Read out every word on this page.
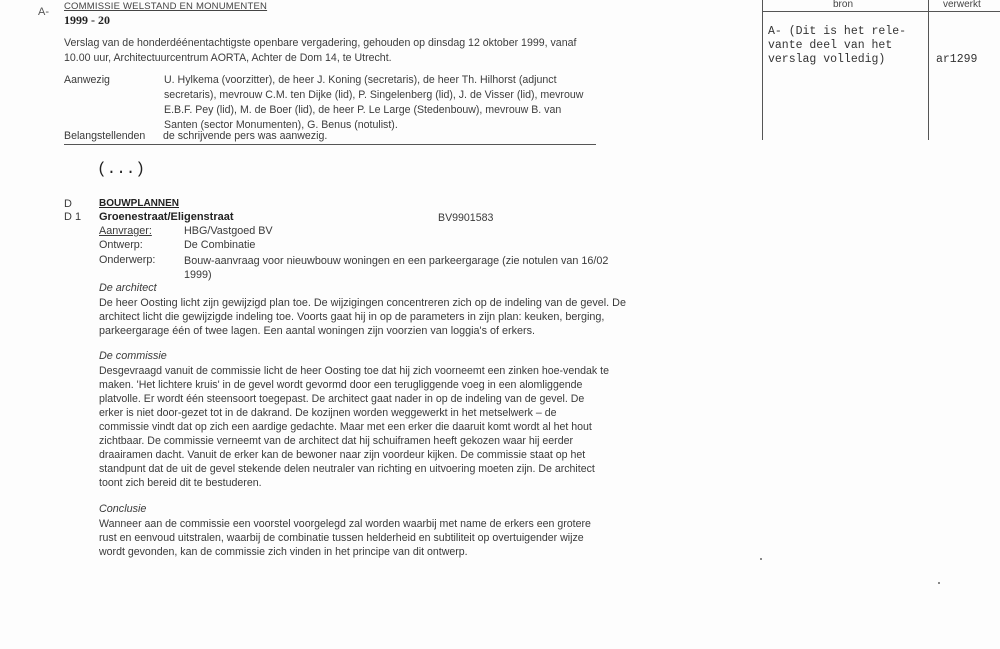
A- COMMISSIE WELSTAND EN MONUMENTEN
1999 - 20
Verslag van de honderdéénentachtigste openbare vergadering, gehouden op dinsdag 12 oktober 1999, vanaf 10.00 uur, Architectuurcentrum AORTA, Achter de Dom 14, te Utrecht.
Aanwezig	U. Hylkema (voorzitter), de heer J. Koning (secretaris), de heer Th. Hilhorst (adjunct secretaris), mevrouw C.M. ten Dijke (lid), P. Singelenberg (lid), J. de Visser (lid), mevrouw E.B.F. Pey (lid), M. de Boer (lid), de heer P. Le Large (Stedenbouw), mevrouw B. van Santen (sector Monumenten), G. Benus (notulist).
Belangstellenden de schrijvende pers was aanwezig.
(...)
D	BOUWPLANNEN
D 1 Groenestraat/Eligenstraat	BV9901583
Aanvrager:	HBG/Vastgoed BV
Ontwerp:	De Combinatie
Onderwerp:	Bouw-aanvraag voor nieuwbouw woningen en een parkeergarage (zie notulen van 16/02 1999)
De architect
De heer Oosting licht zijn gewijzigd plan toe. De wijzigingen concentreren zich op de indeling van de gevel. De architect licht die gewijzigde indeling toe. Voorts gaat hij in op de parameters in zijn plan: keuken, berging, parkeergarage één of twee lagen. Een aantal woningen zijn voorzien van loggia's of erkers.
De commissie
Desgevraagd vanuit de commissie licht de heer Oosting toe dat hij zich voorneemt een zinken hoe-vendak te maken. 'Het lichtere kruis' in de gevel wordt gevormd door een terugliggende voeg in een alomliggende platvolle. Er wordt één steensoort toegepast. De architect gaat nader in op de indeling van de gevel. De erker is niet door-gezet tot in de dakrand. De kozijnen worden weggewerkt in het metselwerk – de commissie vindt dat op zich een aardige gedachte. Maar met een erker die daaruit komt wordt al het hout zichtbaar. De commissie verneemt van de architect dat hij schuiframen heeft gekozen waar hij eerder draairamen dacht. Vanuit de erker kan de bewoner naar zijn voordeur kijken. De commissie staat op het standpunt dat de uit de gevel stekende delen neutraler van richting en uitvoering moeten zijn. De architect toont zich bereid dit te bestuderen.
Conclusie
Wanneer aan de commissie een voorstel voorgelegd zal worden waarbij met name de erkers een grotere rust en eenvoud uitstralen, waarbij de combinatie tussen helderheid en subtiliteit op overtuigender wijze wordt gevonden, kan de commissie zich vinden in het principe van dit ontwerp.
bron	verwerkt
A- (Dit is het rele-
vante deel van het
verslag volledig)	ar1299
